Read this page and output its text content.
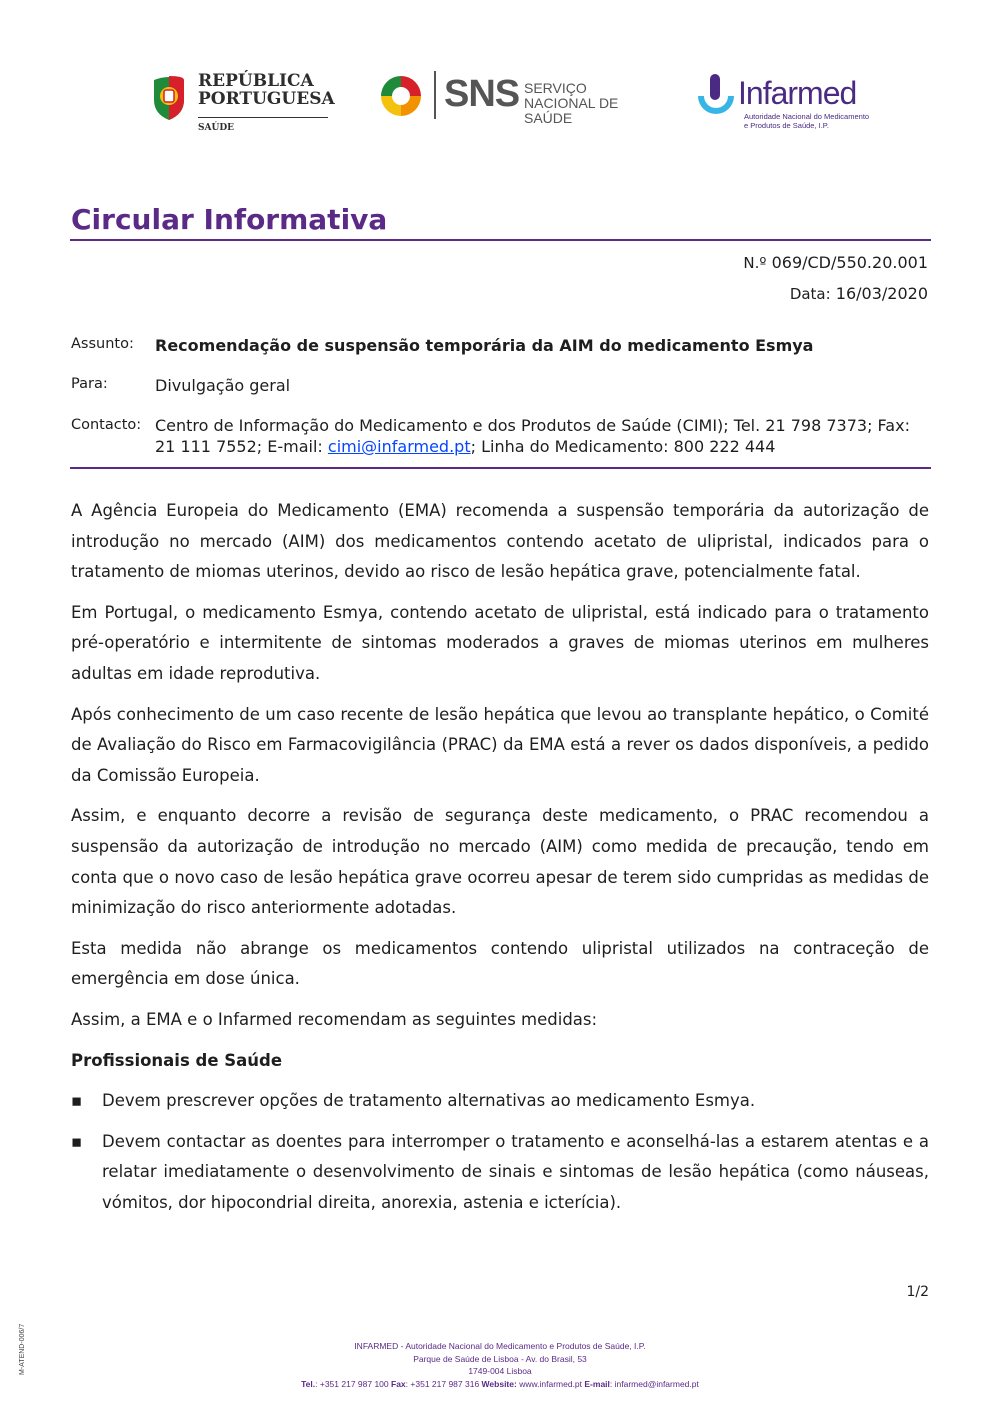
REPÚBLICA PORTUGUESA
SAÚDE
SNS SERVIÇO NACIONAL DE SAÚDE
Infarmed
Autoridade Nacional do Medicamento e Produtos de Saúde, I.P.
Circular Informativa
N.º 069/CD/550.20.001
Data: 16/03/2020
Assunto:	Recomendação de suspensão temporária da AIM do medicamento Esmya
Para:	Divulgação geral
Contacto: Centro de Informação do Medicamento e dos Produtos de Saúde (CIMI); Tel. 21 798 7373; Fax: 21 111 7552; E-mail: cimi@infarmed.pt; Linha do Medicamento: 800 222 444

A Agência Europeia do Medicamento (EMA) recomenda a suspensão temporária da autorização de introdução no mercado (AIM) dos medicamentos contendo acetato de ulipristal, indicados para o tratamento de miomas uterinos, devido ao risco de lesão hepática grave, potencialmente fatal.

Em Portugal, o medicamento Esmya, contendo acetato de ulipristal, está indicado para o tratamento pré-operatório e intermitente de sintomas moderados a graves de miomas uterinos em mulheres adultas em idade reprodutiva.

Após conhecimento de um caso recente de lesão hepática que levou ao transplante hepático, o Comité de Avaliação do Risco em Farmacovigilância (PRAC) da EMA está a rever os dados disponíveis, a pedido da Comissão Europeia.

Assim, e enquanto decorre a revisão de segurança deste medicamento, o PRAC recomendou a suspensão da autorização de introdução no mercado (AIM) como medida de precaução, tendo em conta que o novo caso de lesão hepática grave ocorreu apesar de terem sido cumpridas as medidas de minimização do risco anteriormente adotadas.

Esta medida não abrange os medicamentos contendo ulipristal utilizados na contraceção de emergência em dose única.

Assim, a EMA e o Infarmed recomendam as seguintes medidas:

Profissionais de Saúde
▪ Devem prescrever opções de tratamento alternativas ao medicamento Esmya.
▪ Devem contactar as doentes para interromper o tratamento e aconselhá-las a estarem atentas e a relatar imediatamente o desenvolvimento de sinais e sintomas de lesão hepática (como náuseas, vómitos, dor hipocondrial direita, anorexia, astenia e icterícia).
1/2
M-ATEND-006/7	INFARMED - Autoridade Nacional do Medicamento e Produtos de Saúde, I.P.
Parque de Saúde de Lisboa - Av. do Brasil, 53
1749-004 Lisboa
Tel.: +351 217 987 100 Fax: +351 217 987 316 Website: www.infarmed.pt E-mail: infarmed@infarmed.pt
